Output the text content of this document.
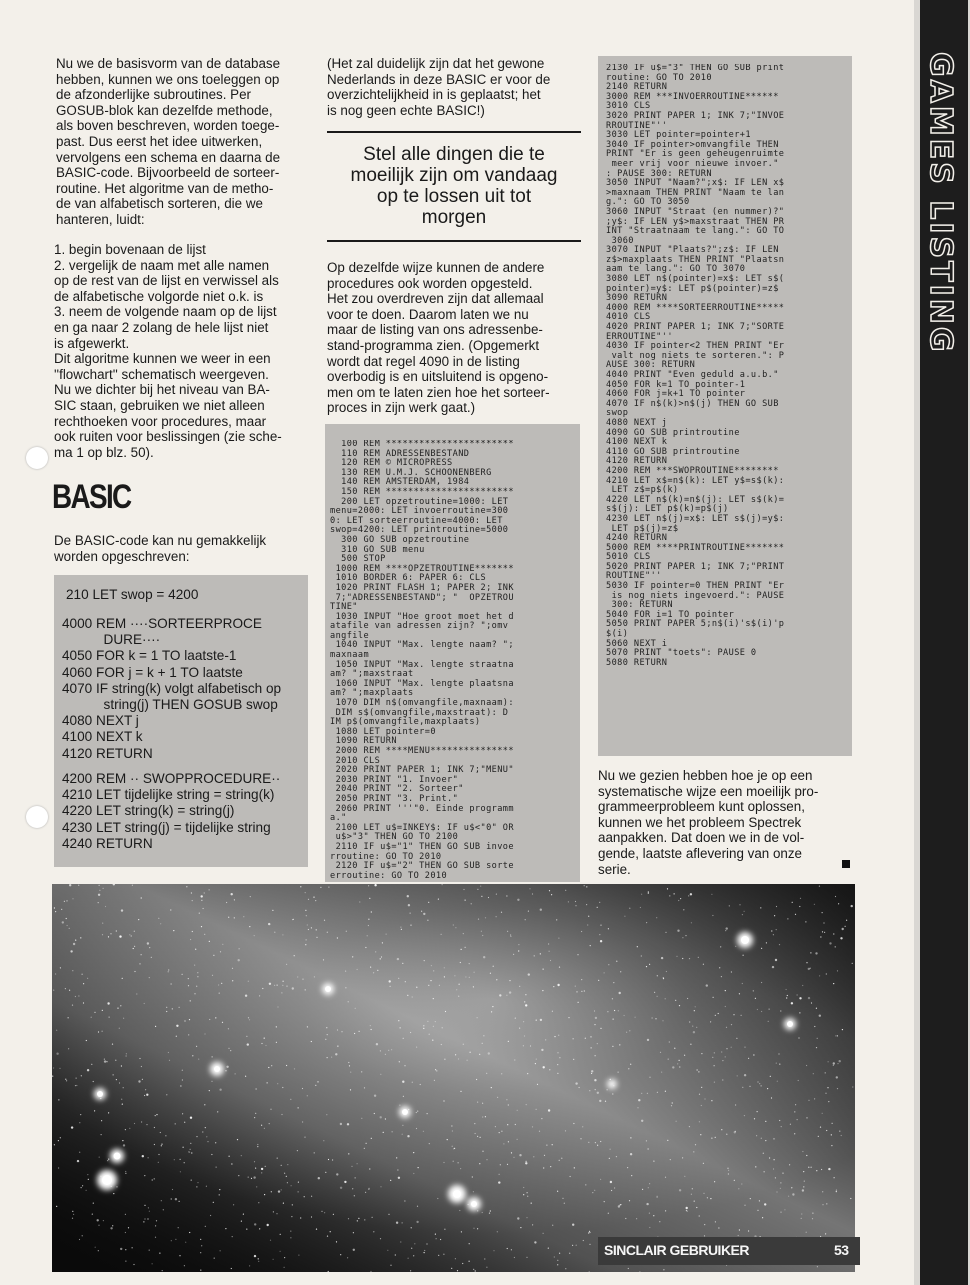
GAMES LISTING
Nu we de basisvorm van de database
hebben, kunnen we ons toeleggen op
de afzonderlijke subroutines. Per
GOSUB-blok kan dezelfde methode,
als boven beschreven, worden toege-
past. Dus eerst het idee uitwerken,
vervolgens een schema en daarna de
BASIC-code. Bijvoorbeeld de sorteer-
routine. Het algoritme van de metho-
de van alfabetisch sorteren, die we
hanteren, luidt:
1. begin bovenaan de lijst
2. vergelijk de naam met alle namen
op de rest van de lijst en verwissel als
de alfabetische volgorde niet o.k. is
3. neem de volgende naam op de lijst
en ga naar 2 zolang de hele lijst niet
is afgewerkt.
Dit algoritme kunnen we weer in een
''flowchart'' schematisch weergeven.
Nu we dichter bij het niveau van BA-
SIC staan, gebruiken we niet alleen
rechthoeken voor procedures, maar
ook ruiten voor beslissingen (zie sche-
ma 1 op blz. 50).
BASIC
De BASIC-code kan nu gemakkelijk
worden opgeschreven:
210 LET swop = 4200
4000 REM ····SORTEERPROCE
DURE····
4050 FOR k = 1 TO laatste-1
4060 FOR j = k + 1 TO laatste
4070 IF string(k) volgt alfabetisch op
string(j) THEN GOSUB swop
4080 NEXT j
4100 NEXT k
4120 RETURN
4200 REM ·· SWOPPROCEDURE··
4210 LET tijdelijke string = string(k)
4220 LET string(k) = string(j)
4230 LET string(j) = tijdelijke string
4240 RETURN
(Het zal duidelijk zijn dat het gewone
Nederlands in deze BASIC er voor de
overzichtelijkheid in is geplaatst; het
is nog geen echte BASIC!)
Stel alle dingen die te
moeilijk zijn om vandaag
op te lossen uit tot
morgen
Op dezelfde wijze kunnen de andere
procedures ook worden opgesteld.
Het zou overdreven zijn dat allemaal
voor te doen. Daarom laten we nu
maar de listing van ons adressenbe-
stand-programma zien. (Opgemerkt
wordt dat regel 4090 in de listing
overbodig is en uitsluitend is opgeno-
men om te laten zien hoe het sorteer-
proces in zijn werk gaat.)
100 REM ***********************
110 REM ADRESSENBESTAND
120 REM © MICROPRESS
130 REM U.M.J. SCHOONENBERG
140 REM AMSTERDAM, 1984
150 REM ***********************
200 LET opzetroutine=1000: LET
menu=2000: LET invoerroutine=300
0: LET sorteerroutine=4000: LET
swop=4200: LET printroutine=5000
300 GO SUB opzetroutine
310 GO SUB menu
500 STOP
1000 REM ****OPZETROUTINE*******
1010 BORDER 6: PAPER 6: CLS
1020 PRINT FLASH 1; PAPER 2; INK
7;"ADRESSENBESTAND"; "  OPZETROU
TINE"
1030 INPUT "Hoe groot moet het d
atafile van adressen zijn? ";omv
angfile
1040 INPUT "Max. lengte naam? ";
maxnaam
1050 INPUT "Max. lengte straatna
am? ";maxstraat
1060 INPUT "Max. lengte plaatsna
am? ";maxplaats
1070 DIM n$(omvangfile,maxnaam):
DIM s$(omvangfile,maxstraat): D
IM p$(omvangfile,maxplaats)
1080 LET pointer=0
1090 RETURN
2000 REM ****MENU***************
2010 CLS
2020 PRINT PAPER 1; INK 7;"MENU"
2030 PRINT "1. Invoer"
2040 PRINT "2. Sorteer"
2050 PRINT "3. Print."
2060 PRINT '''"0. Einde programm
a."
2100 LET u$=INKEY$: IF u$<"0" OR
u$>"3" THEN GO TO 2100
2110 IF u$="1" THEN GO SUB invoe
rroutine: GO TO 2010
2120 IF u$="2" THEN GO SUB sorte
erroutine: GO TO 2010
2130 IF u$="3" THEN GO SUB print
routine: GO TO 2010
2140 RETURN
3000 REM ***INVOERROUTINE******
3010 CLS
3020 PRINT PAPER 1; INK 7;"INVOE
RROUTINE"''
3030 LET pointer=pointer+1
3040 IF pointer>omvangfile THEN
PRINT "Er is geen geheugenruimte
meer vrij voor nieuwe invoer."
: PAUSE 300: RETURN
3050 INPUT "Naam?";x$: IF LEN x$
>maxnaam THEN PRINT "Naam te lan
g.": GO TO 3050
3060 INPUT "Straat (en nummer)?"
;y$: IF LEN y$>maxstraat THEN PR
INT "Straatnaam te lang.": GO TO
3060
3070 INPUT "Plaats?";z$: IF LEN
z$>maxplaats THEN PRINT "Plaatsn
aam te lang.": GO TO 3070
3080 LET n$(pointer)=x$: LET s$(
pointer)=y$: LET p$(pointer)=z$
3090 RETURN
4000 REM ****SORTEERROUTINE*****
4010 CLS
4020 PRINT PAPER 1; INK 7;"SORTE
ERROUTINE"''
4030 IF pointer<2 THEN PRINT "Er
valt nog niets te sorteren.": P
AUSE 300: RETURN
4040 PRINT "Even geduld a.u.b."
4050 FOR k=1 TO pointer-1
4060 FOR j=k+1 TO pointer
4070 IF n$(k)>n$(j) THEN GO SUB
swop
4080 NEXT j
4090 GO SUB printroutine
4100 NEXT k
4110 GO SUB printroutine
4120 RETURN
4200 REM ***SWOPROUTINE********
4210 LET x$=n$(k): LET y$=s$(k):
LET z$=p$(k)
4220 LET n$(k)=n$(j): LET s$(k)=
s$(j): LET p$(k)=p$(j)
4230 LET n$(j)=x$: LET s$(j)=y$:
LET p$(j)=z$
4240 RETURN
5000 REM ****PRINTROUTINE*******
5010 CLS
5020 PRINT PAPER 1; INK 7;"PRINT
ROUTINE"''
5030 IF pointer=0 THEN PRINT "Er
is nog niets ingevoerd.": PAUSE
300: RETURN
5040 FOR i=1 TO pointer
5050 PRINT PAPER 5;n$(i)'s$(i)'p
$(i)
5060 NEXT i
5070 PRINT "toets": PAUSE 0
5080 RETURN
Nu we gezien hebben hoe je op een
systematische wijze een moeilijk pro-
grammeerprobleem kunt oplossen,
kunnen we het probleem Spectrek
aanpakken. Dat doen we in de vol-
gende, laatste aflevering van onze
serie.
SINCLAIR GEBRUIKER	53
